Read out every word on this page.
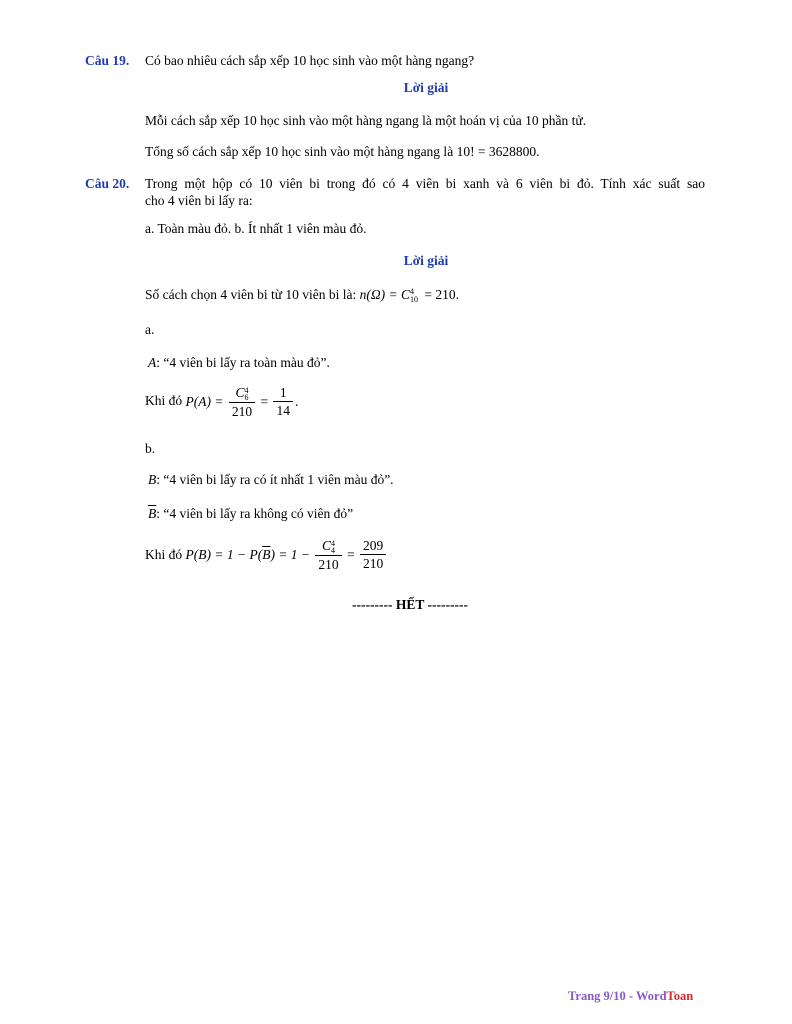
Câu 19. Có bao nhiêu cách sắp xếp 10 học sinh vào một hàng ngang?
Lời giải
Mỗi cách sắp xếp 10 học sinh vào một hàng ngang là một hoán vị của 10 phần tử.
Tổng số cách sắp xếp 10 học sinh vào một hàng ngang là 10! = 3628800.
Câu 20. Trong một hộp có 10 viên bi trong đó có 4 viên bi xanh và 6 viên bi đỏ. Tính xác suất sao
cho 4 viên bi lấy ra:
a. Toàn màu đỏ. b. Ít nhất 1 viên màu đỏ.
Lời giải
Số cách chọn 4 viên bi từ 10 viên bi là: n(Ω) = C 4
10 = 210.
a.
A: “4 viên bi lấy ra toàn màu đỏ”.
Khi đó P(A) = C 4
6
$210 = \frac{1}{14}$ .
b.
B: “4 viên bi lấy ra có ít nhất 1 viên màu đỏ”.
$\overline{B}$: “4 viên bi lấy ra không có viên đỏ”
Khi đó $P(B) = 1 - P(\overline{B}) = 1 - C$ 4
4
$210 = \frac{209}{210}$
--------- HẾT ---------
Trang 9/10 - WordToan
